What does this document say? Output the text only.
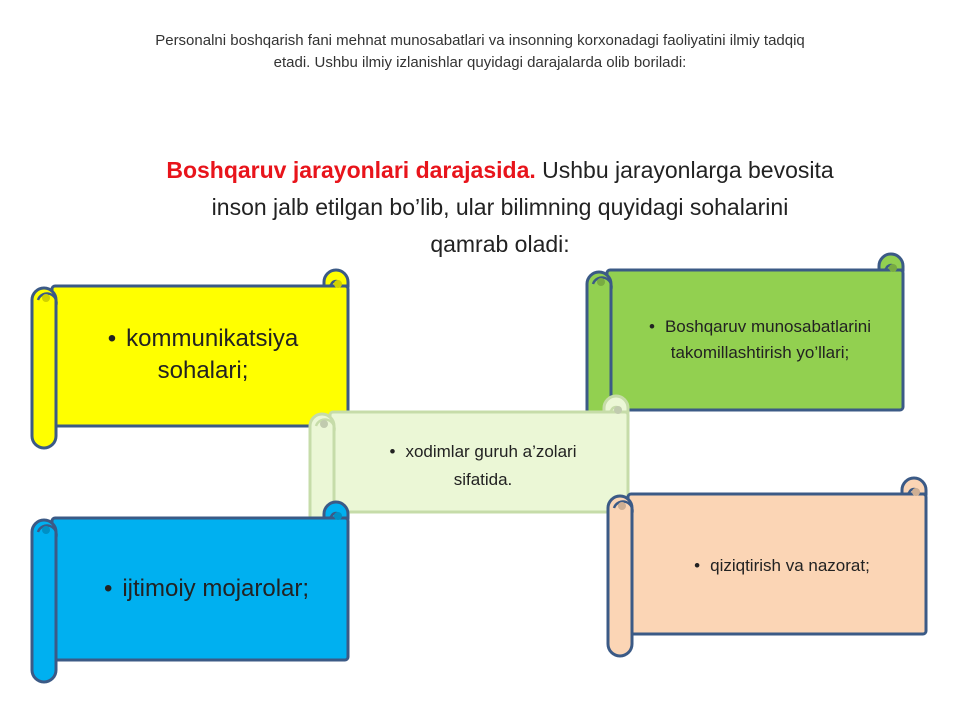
Personalni boshqarish fani mehnat munosabatlari va insonning korxonadagi faoliyatini ilmiy tadqiq
etadi. Ushbu ilmiy izlanishlar quyidagi darajalarda olib boriladi:
Boshqaruv jarayonlari darajasida. Ushbu jarayonlarga bevosita
inson jalb etilgan bo’lib, ular bilimning quyidagi sohalarini
qamrab oladi:
• kommunikatsiya
sohalari;
• Boshqaruv munosabatlarini
takomillashtirish yo’llari;
• xodimlar guruh a’zolari
sifatida.
• ijtimoiy mojarolar;
• qiziqtirish va nazorat;
